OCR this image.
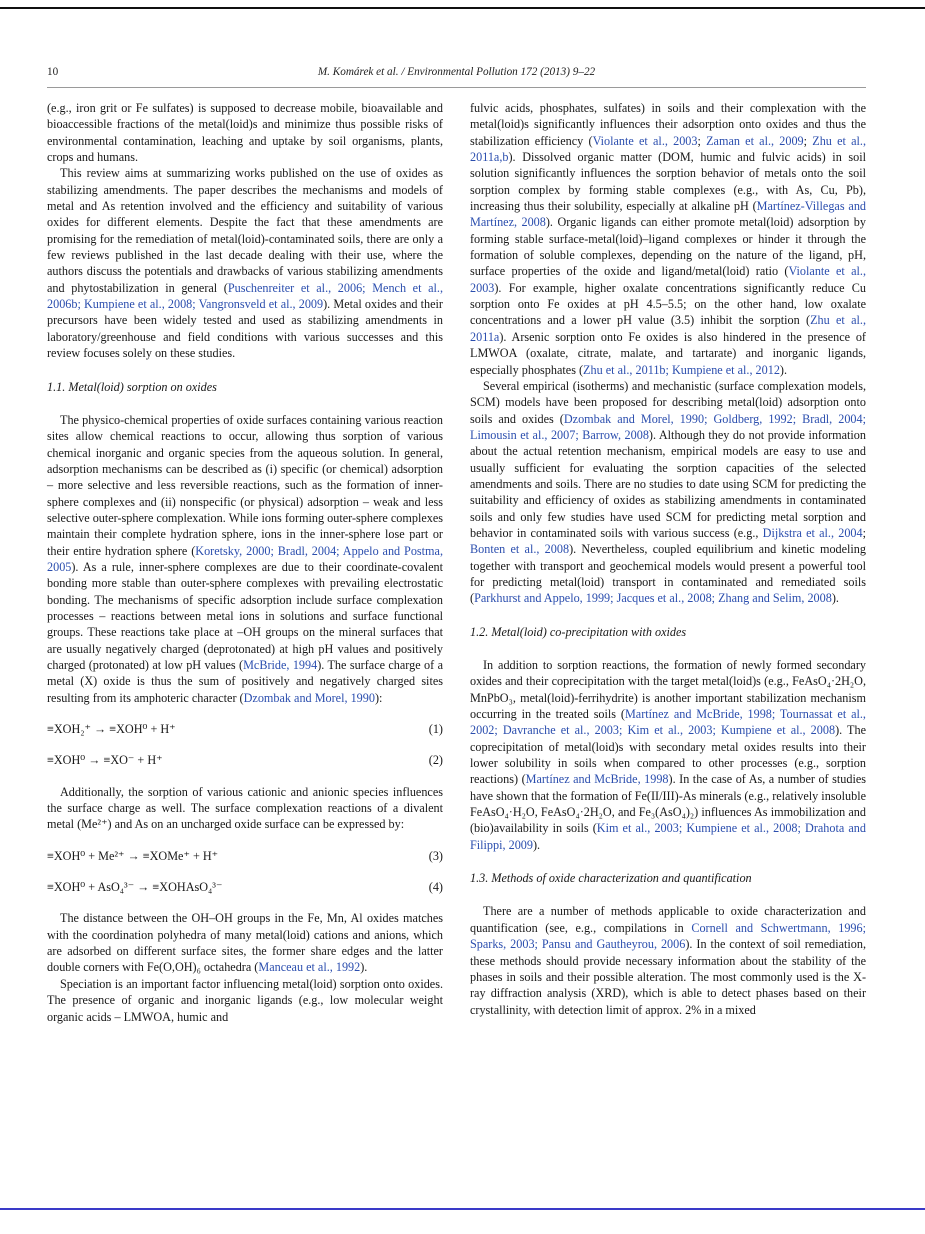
10	M. Komárek et al. / Environmental Pollution 172 (2013) 9–22

(e.g., iron grit or Fe sulfates) is supposed to decrease mobile, bioavailable and bioaccessible fractions of the metal(loid)s and minimize thus possible risks of environmental contamination, leaching and uptake by soil organisms, plants, crops and humans.

This review aims at summarizing works published on the use of oxides as stabilizing amendments. The paper describes the mechanisms and models of metal and As retention involved and the efficiency and suitability of various oxides for different elements. Despite the fact that these amendments are promising for the remediation of metal(loid)-contaminated soils, there are only a few reviews published in the last decade dealing with their use, where the authors discuss the potentials and drawbacks of various stabilizing amendments and phytostabilization in general (Puschenreiter et al., 2006; Mench et al., 2006b; Kumpiene et al., 2008; Vangronsveld et al., 2009). Metal oxides and their precursors have been widely tested and used as stabilizing amendments in laboratory/greenhouse and field conditions with various successes and this review focuses solely on these studies.

1.1. Metal(loid) sorption on oxides

The physico-chemical properties of oxide surfaces containing various reaction sites allow chemical reactions to occur, allowing thus sorption of various chemical inorganic and organic species from the aqueous solution. In general, adsorption mechanisms can be described as (i) specific (or chemical) adsorption – more selective and less reversible reactions, such as the formation of inner-sphere complexes and (ii) nonspecific (or physical) adsorption – weak and less selective outer-sphere complexation. While ions forming outer-sphere complexes maintain their complete hydration sphere, ions in the inner-sphere lose part or their entire hydration sphere (Koretsky, 2000; Bradl, 2004; Appelo and Postma, 2005). As a rule, inner-sphere complexes are due to their coordinate-covalent bonding more stable than outer-sphere complexes with prevailing electrostatic bonding. The mechanisms of specific adsorption include surface complexation processes – reactions between metal ions in solutions and surface functional groups. These reactions take place at –OH groups on the mineral surfaces that are usually negatively charged (deprotonated) at high pH values and positively charged (protonated) at low pH values (McBride, 1994). The surface charge of a metal (X) oxide is thus the sum of positively and negatively charged sites resulting from its amphoteric character (Dzombak and Morel, 1990):

≡XOH₂⁺ → ≡XOH⁰ + H⁺	(1)
≡XOH⁰ → ≡XO⁻ + H⁺	(2)

Additionally, the sorption of various cationic and anionic species influences the surface charge as well. The surface complexation reactions of a divalent metal (Me²⁺) and As on an uncharged oxide surface can be expressed by:

≡XOH⁰ + Me²⁺ → ≡XOMe⁺ + H⁺	(3)
≡XOH⁰ + AsO₄³⁻ → ≡XOHAsO₄³⁻	(4)

The distance between the OH–OH groups in the Fe, Mn, Al oxides matches with the coordination polyhedra of many metal(loid) cations and anions, which are adsorbed on different surface sites, the former share edges and the latter double corners with Fe(O,OH)₆ octahedra (Manceau et al., 1992).

Speciation is an important factor influencing metal(loid) sorption onto oxides. The presence of organic and inorganic ligands (e.g., low molecular weight organic acids – LMWOA, humic and

fulvic acids, phosphates, sulfates) in soils and their complexation with the metal(loid)s significantly influences their adsorption onto oxides and thus the stabilization efficiency (Violante et al., 2003; Zaman et al., 2009; Zhu et al., 2011a,b). Dissolved organic matter (DOM, humic and fulvic acids) in soil solution significantly influences the sorption behavior of metals onto the soil sorption complex by forming stable complexes (e.g., with As, Cu, Pb), increasing thus their solubility, especially at alkaline pH (Martínez-Villegas and Martínez, 2008). Organic ligands can either promote metal(loid) adsorption by forming stable surface-metal(loid)–ligand complexes or hinder it through the formation of soluble complexes, depending on the nature of the ligand, pH, surface properties of the oxide and ligand/metal(loid) ratio (Violante et al., 2003). For example, higher oxalate concentrations significantly reduce Cu sorption onto Fe oxides at pH 4.5–5.5; on the other hand, low oxalate concentrations and a lower pH value (3.5) inhibit the sorption (Zhu et al., 2011a). Arsenic sorption onto Fe oxides is also hindered in the presence of LMWOA (oxalate, citrate, malate, and tartarate) and inorganic ligands, especially phosphates (Zhu et al., 2011b; Kumpiene et al., 2012).

Several empirical (isotherms) and mechanistic (surface complexation models, SCM) models have been proposed for describing metal(loid) adsorption onto soils and oxides (Dzombak and Morel, 1990; Goldberg, 1992; Bradl, 2004; Limousin et al., 2007; Barrow, 2008). Although they do not provide information about the actual retention mechanism, empirical models are easy to use and usually sufficient for evaluating the sorption capacities of the selected amendments and soils. There are no studies to date using SCM for predicting the suitability and efficiency of oxides as stabilizing amendments in contaminated soils and only few studies have used SCM for predicting metal sorption and behavior in contaminated soils with various success (e.g., Dijkstra et al., 2004; Bonten et al., 2008). Nevertheless, coupled equilibrium and kinetic modeling together with transport and geochemical models would present a powerful tool for predicting metal(loid) transport in contaminated and remediated soils (Parkhurst and Appelo, 1999; Jacques et al., 2008; Zhang and Selim, 2008).

1.2. Metal(loid) co-precipitation with oxides

In addition to sorption reactions, the formation of newly formed secondary oxides and their coprecipitation with the target metal(loid)s (e.g., FeAsO₄·2H₂O, MnPbO₃, metal(loid)-ferrihydrite) is another important stabilization mechanism occurring in the treated soils (Martínez and McBride, 1998; Tournassat et al., 2002; Davranche et al., 2003; Kim et al., 2003; Kumpiene et al., 2008). The coprecipitation of metal(loid)s with secondary metal oxides results into their lower solubility in soils when compared to other processes (e.g., sorption reactions) (Martínez and McBride, 1998). In the case of As, a number of studies have shown that the formation of Fe(II/III)-As minerals (e.g., relatively insoluble FeAsO₄·H₂O, FeAsO₄·2H₂O, and Fe₃(AsO₄)₂) influences As immobilization and (bio)availability in soils (Kim et al., 2003; Kumpiene et al., 2008; Drahota and Filippi, 2009).

1.3. Methods of oxide characterization and quantification

There are a number of methods applicable to oxide characterization and quantification (see, e.g., compilations in Cornell and Schwertmann, 1996; Sparks, 2003; Pansu and Gautheyrou, 2006). In the context of soil remediation, these methods should provide necessary information about the stability of the phases in soils and their possible alteration. The most commonly used is the X-ray diffraction analysis (XRD), which is able to detect phases based on their crystallinity, with detection limit of approx. 2% in a mixed
